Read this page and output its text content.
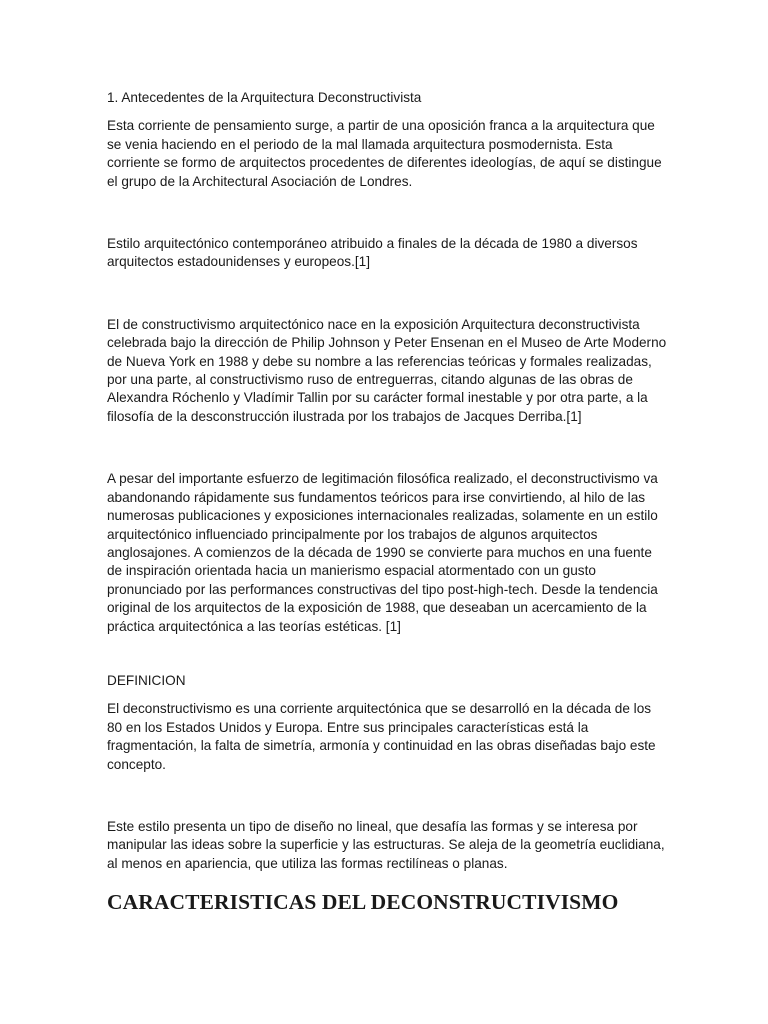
1. Antecedentes de la Arquitectura Deconstructivista

Esta corriente de pensamiento surge, a partir de una oposición franca a la arquitectura que se venia haciendo en el periodo de la mal llamada arquitectura posmodernista. Esta corriente se formo de arquitectos procedentes de diferentes ideologías, de aquí se distingue el grupo de la Architectural Asociación de Londres.

Estilo arquitectónico contemporáneo atribuido a finales de la década de 1980 a diversos arquitectos estadounidenses y europeos.[1]

El de constructivismo arquitectónico nace en la exposición Arquitectura deconstructivista celebrada bajo la dirección de Philip Johnson y Peter Ensenan en el Museo de Arte Moderno de Nueva York en 1988 y debe su nombre a las referencias teóricas y formales realizadas, por una parte, al constructivismo ruso de entreguerras, citando algunas de las obras de Alexandra Róchenlo y Vladímir Tallin por su carácter formal inestable y por otra parte, a la filosofía de la desconstrucción ilustrada por los trabajos de Jacques Derriba.[1]

A pesar del importante esfuerzo de legitimación filosófica realizado, el deconstructivismo va abandonando rápidamente sus fundamentos teóricos para irse convirtiendo, al hilo de las numerosas publicaciones y exposiciones internacionales realizadas, solamente en un estilo arquitectónico influenciado principalmente por los trabajos de algunos arquitectos anglosajones. A comienzos de la década de 1990 se convierte para muchos en una fuente de inspiración orientada hacia un manierismo espacial atormentado con un gusto pronunciado por las performances constructivas del tipo post-high-tech. Desde la tendencia original de los arquitectos de la exposición de 1988, que deseaban un acercamiento de la práctica arquitectónica a las teorías estéticas. [1]

DEFINICION

El deconstructivismo es una corriente arquitectónica que se desarrolló en la década de los 80 en los Estados Unidos y Europa. Entre sus principales características está la fragmentación, la falta de simetría, armonía y continuidad en las obras diseñadas bajo este concepto.

Este estilo presenta un tipo de diseño no lineal, que desafía las formas y se interesa por manipular las ideas sobre la superficie y las estructuras. Se aleja de la geometría euclidiana, al menos en apariencia, que utiliza las formas rectilíneas o planas.

CARACTERISTICAS DEL DECONSTRUCTIVISMO
